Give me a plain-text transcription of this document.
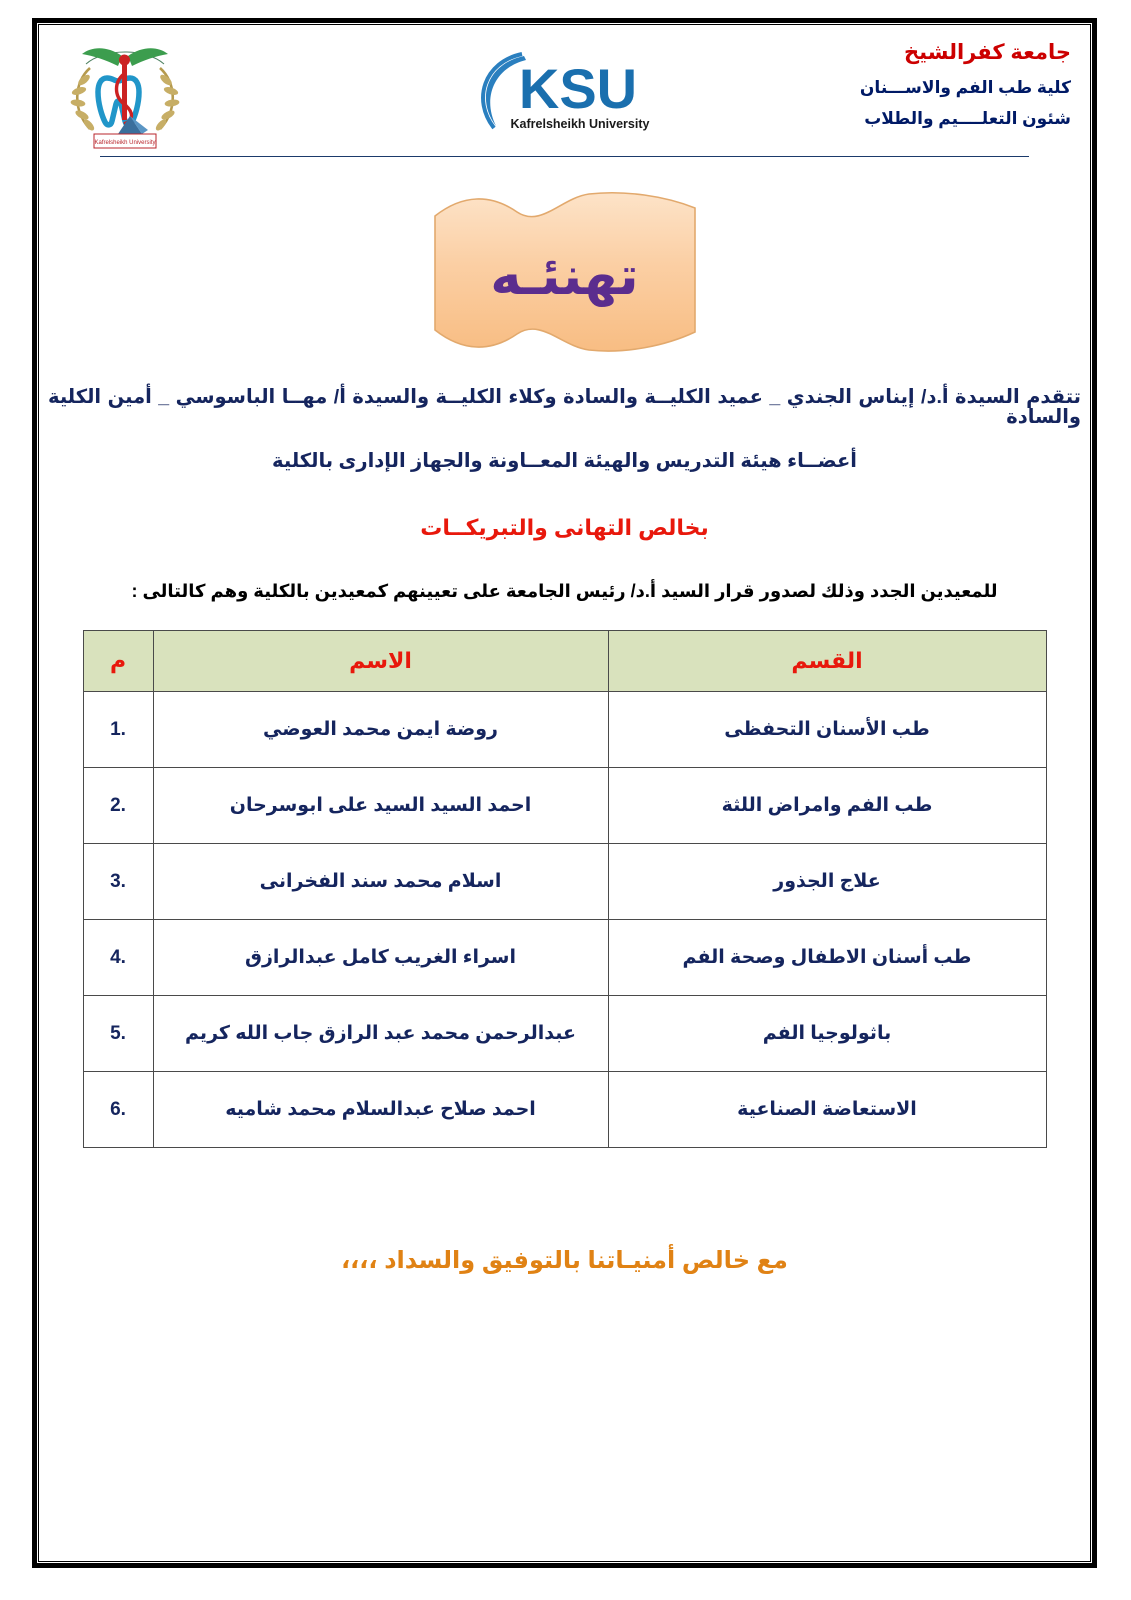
Kafrelsheikh University
KSU
Kafrelsheikh University
جامعة كفرالشيخ
كلية طب الفم والاســـنان
شئون التعلــــيم والطلاب
تهنئـه
تتقدم السيدة أ.د/ إيناس الجندي _ عميد الكليــة والسادة وكلاء الكليــة والسيدة أ/ مهــا الباسوسي _ أمين الكلية والسادة
أعضــاء هيئة التدريس والهيئة المعــاونة والجهاز الإدارى بالكلية
بخالص التهانى والتبريكــات
للمعيدين الجدد وذلك لصدور قرار السيد أ.د/ رئيس الجامعة على تعيينهم كمعيدين بالكلية وهم كالتالى :
القسم	الاسم	م
طب الأسنان التحفظى	روضة ايمن محمد العوضي	1.
طب الفم وامراض اللثة	احمد السيد السيد على ابوسرحان	2.
علاج الجذور	اسلام محمد سند الفخرانى	3.
طب أسنان الاطفال وصحة الفم	اسراء الغريب كامل عبدالرازق	4.
باثولوجيا الفم	عبدالرحمن محمد عبد الرازق جاب الله كريم	5.
الاستعاضة الصناعية	احمد صلاح عبدالسلام محمد شاميه	6.
مع خالص أمنيـاتنا بالتوفيق والسداد ،،،،
